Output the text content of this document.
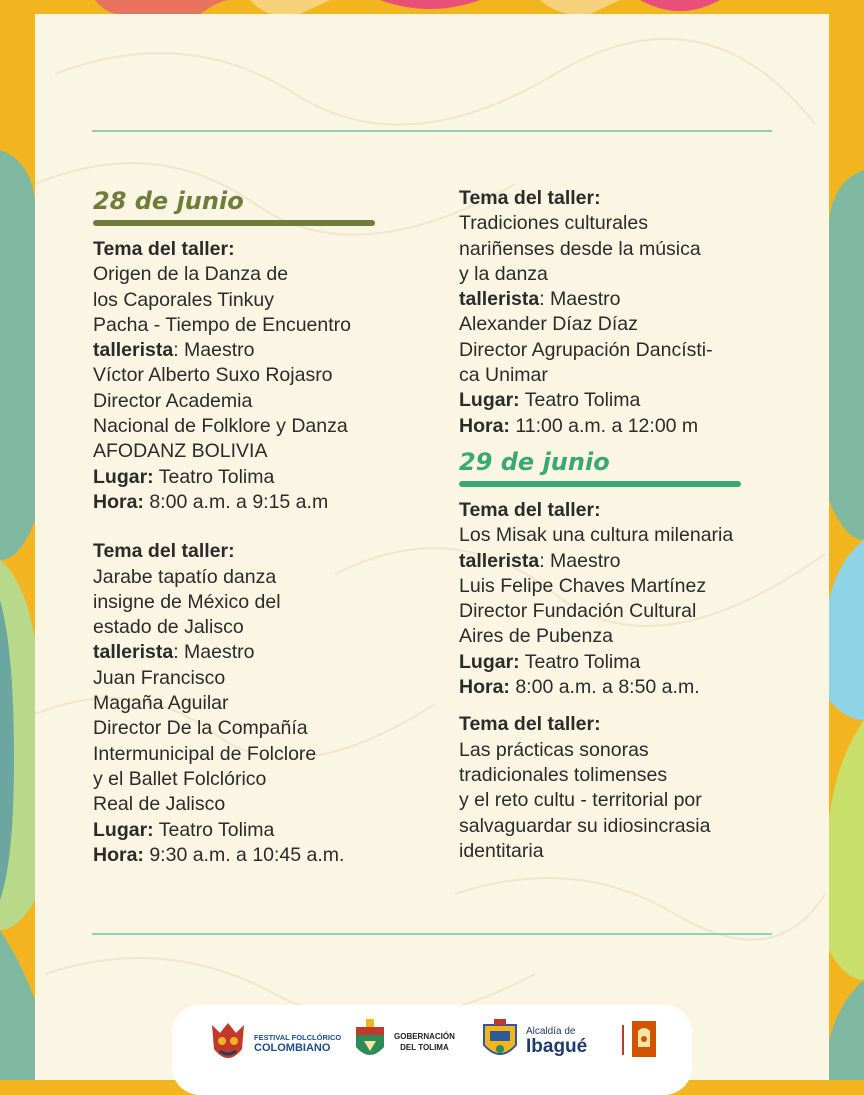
28 de junio
Tema del taller:
Origen de la Danza de
los Caporales Tinkuy
Pacha - Tiempo de Encuentro
tallerista: Maestro
Víctor Alberto Suxo Rojasro
Director Academia
Nacional de Folklore y Danza
AFODANZ BOLIVIA
Lugar: Teatro Tolima
Hora: 8:00 a.m. a 9:15 a.m
Tema del taller:
Jarabe tapatío danza
insigne de México del
estado de Jalisco
tallerista: Maestro
Juan Francisco
Magaña Aguilar
Director De la Compañía
Intermunicipal de Folclore
y el Ballet Folclórico
Real de Jalisco
Lugar: Teatro Tolima
Hora: 9:30 a.m. a 10:45 a.m.
Tema del taller:
Tradiciones culturales
nariñenses desde la música
y la danza
tallerista: Maestro
Alexander Díaz Díaz
Director Agrupación Dancísti-
ca Unimar
Lugar: Teatro Tolima
Hora: 11:00 a.m. a 12:00 m
29 de junio
Tema del taller:
Los Misak una cultura milenaria
tallerista: Maestro
Luis Felipe Chaves Martínez
Director Fundación Cultural
Aires de Pubenza
Lugar: Teatro Tolima
Hora: 8:00 a.m. a 8:50 a.m.
Tema del taller:
Las prácticas sonoras
tradicionales tolimenses
y el reto cultu - territorial por
salvaguardar su idiosincrasia
identitaria
FESTIVAL FOLCLÓRICO
COLOMBIANO
GOBERNACIÓN
DEL TOLIMA
Alcaldía de
Ibagué
